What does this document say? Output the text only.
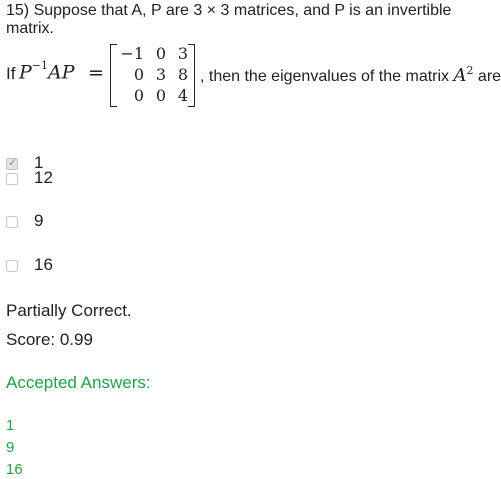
15) Suppose that A, P are 3 × 3 matrices, and P is an invertible matrix.
If $P^{-1}AP$ =
−1 0 3
0 3 8
0 0 4
, then the eigenvalues of the matrix $A^2$ are
✓ 1
12
9
16
Partially Correct.
Score: 0.99
Accepted Answers:
1
9
16
